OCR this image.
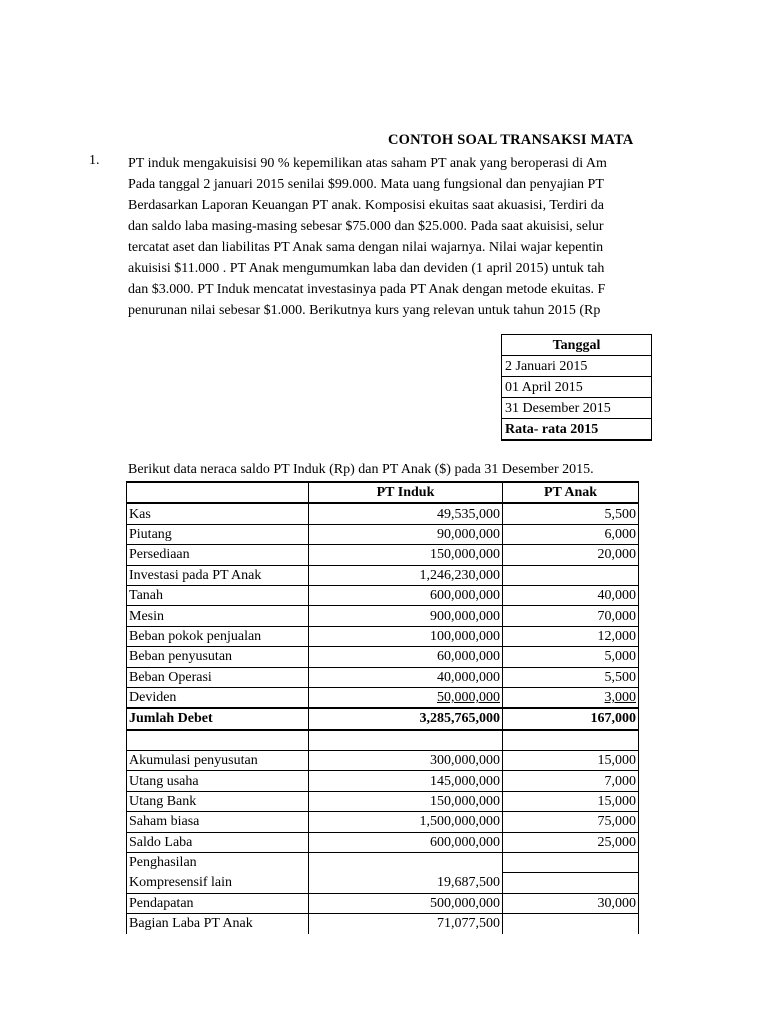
CONTOH SOAL TRANSAKSI MATA
1. PT induk mengakuisisi 90 % kepemilikan atas saham PT anak yang beroperasi di Am
Pada tanggal 2 januari 2015 senilai $99.000. Mata uang fungsional dan penyajian PT
Berdasarkan Laporan Keuangan PT anak. Komposisi ekuitas saat akuasisi, Terdiri da
dan saldo laba masing-masing sebesar $75.000 dan $25.000. Pada saat akuisisi, selur
tercatat aset dan liabilitas PT Anak sama dengan nilai wajarnya. Nilai wajar kepentin
akuisisi $11.000 . PT Anak mengumumkan laba dan deviden (1 april 2015) untuk tah
dan $3.000. PT Induk mencatat investasinya pada PT Anak dengan metode ekuitas. F
penurunan nilai sebesar $1.000. Berikutnya kurs yang relevan untuk tahun 2015 (Rp
Tanggal
2 Januari 2015
01 April 2015
31 Desember 2015
Rata- rata 2015
Berikut data neraca saldo PT Induk (Rp) dan PT Anak ($) pada 31 Desember 2015.
	PT Induk	PT Anak
Kas	49,535,000	5,500
Piutang	90,000,000	6,000
Persediaan	150,000,000	20,000
Investasi pada PT Anak	1,246,230,000	
Tanah	600,000,000	40,000
Mesin	900,000,000	70,000
Beban pokok penjualan	100,000,000	12,000
Beban penyusutan	60,000,000	5,000
Beban Operasi	40,000,000	5,500
Deviden	50,000,000	3,000
Jumlah Debet	3,285,765,000	167,000

Akumulasi penyusutan	300,000,000	15,000
Utang usaha	145,000,000	7,000
Utang Bank	150,000,000	15,000
Saham biasa	1,500,000,000	75,000
Saldo Laba	600,000,000	25,000
Penghasilan		
Kompresensif lain	19,687,500	
Pendapatan	500,000,000	30,000
Bagian Laba PT Anak	71,077,500	
